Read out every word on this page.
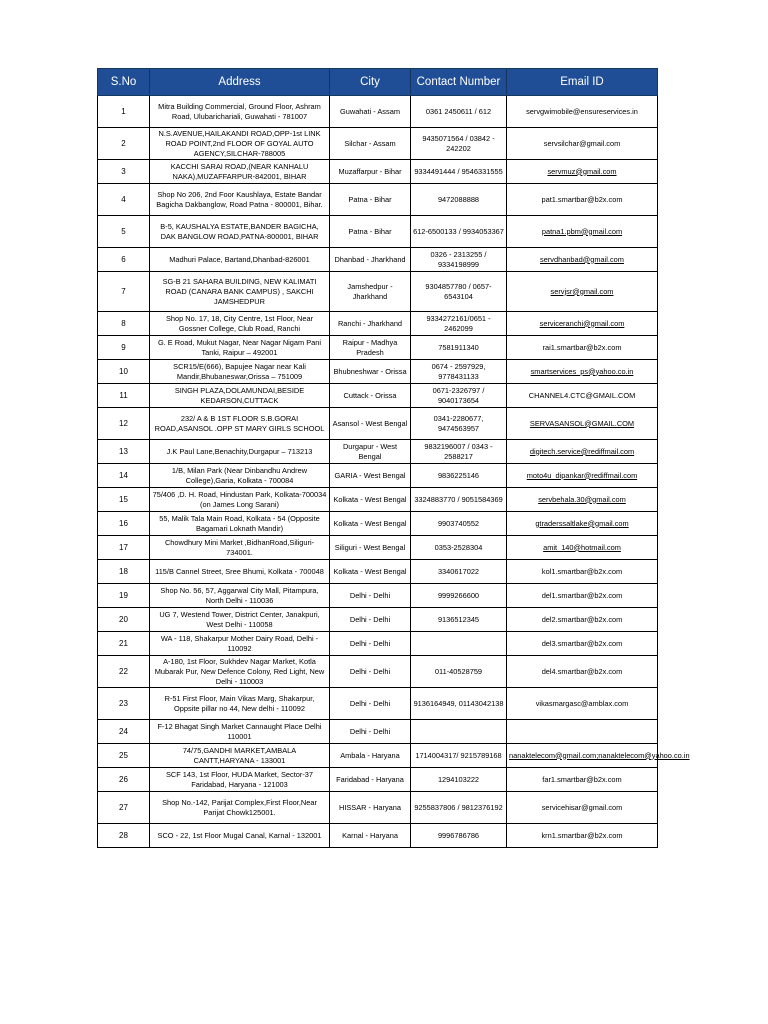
S.No	Address	City	Contact Number	Email ID
1	Mitra Building Commercial, Ground Floor, Ashram Road, Ulubarichariali, Guwahati - 781007	Guwahati - Assam	0361 2450611 / 612	servgwimobile@ensureservices.in
2	N.S.AVENUE,HAILAKANDI ROAD,OPP-1st LINK ROAD POINT,2nd FLOOR OF GOYAL AUTO AGENCY,SILCHAR-788005	Silchar - Assam	9435071564 / 03842 - 242202	servsilchar@gmail.com
3	KACCHI SARAI ROAD,(NEAR KANHALU NAKA),MUZAFFARPUR-842001, BIHAR	Muzaffarpur - Bihar	9334491444 / 9546331555	servmuz@gmail.com
4	Shop No 206, 2nd Foor Kaushlaya, Estate Bandar Bagicha Dakbanglow, Road Patna - 800001, Bihar.	Patna - Bihar	9472088888	pat1.smartbar@b2x.com
5	B-5, KAUSHALYA ESTATE,BANDER BAGICHA, DAK BANGLOW ROAD,PATNA-800001, BIHAR	Patna - Bihar	612-6500133 / 9934053367	patna1.pbm@gmail.com
6	Madhuri Palace, Bartand,Dhanbad-826001	Dhanbad - Jharkhand	0326 - 2313255 / 9334198999	servdhanbad@gmail.com
7	SG-B 21 SAHARA BUILDING, NEW KALIMATI ROAD (CANARA BANK CAMPUS) , SAKCHI JAMSHEDPUR	Jamshedpur - Jharkhand	9304857780 / 0657-6543104	servjsr@gmail.com
8	Shop No. 17, 18, City Centre, 1st Floor, Near Gossner College, Club Road, Ranchi	Ranchi - Jharkhand	9334272161/0651 - 2462099	serviceranchi@gmail.com
9	G. E Road, Mukut Nagar, Near Nagar Nigam Pani Tanki, Raipur – 492001	Raipur - Madhya Pradesh	7581911340	rai1.smartbar@b2x.com
10	SCR15/E(666), Bapujee Nagar near Kali Mandir,Bhubaneswar,Orissa – 751009	Bhubneshwar - Orissa	0674 - 2597929, 9778431133	smartservices_ps@yahoo.co.in
11	SINGH PLAZA,DOLAMUNDAI,BESIDE KEDARSON,CUTTACK	Cuttack - Orissa	0671-2326797 / 9040173654	CHANNEL4.CTC@GMAIL.COM
12	232/ A & B 1ST FLOOR S.B.GORAI ROAD,ASANSOL .OPP ST MARY GIRLS SCHOOL	Asansol - West Bengal	0341-2280677, 9474563957	SERVASANSOL@GMAIL.COM
13	J.K Paul Lane,Benachity,Durgapur – 713213	Durgapur - West Bengal	9832196007 / 0343 - 2588217	digitech.service@rediffmail.com
14	1/B, Milan Park (Near Dinbandhu Andrew College),Garia, Kolkata - 700084	GARIA - West Bengal	9836225146	moto4u_dipankar@rediffmail.com
15	75/406 ,D. H. Road, Hindustan Park, Kolkata-700034 (on James Long Sarani)	Kolkata - West Bengal	3324883770 / 9051584369	servbehala.30@gmail.com
16	55, Malik Tala Main Road, Kolkata - 54 (Opposite Bagamari Loknath Mandir)	Kolkata - West Bengal	9903740552	gtraderssaltlake@gmail.com
17	Chowdhury Mini Market ,BidhanRoad,Siliguri-734001.	Siliguri - West Bengal	0353-2528304	amit_140@hotmail.com
18	115/B Cannel Street, Sree Bhumi, Kolkata - 700048	Kolkata - West Bengal	3340617022	kol1.smartbar@b2x.com
19	Shop No. 56, 57, Aggarwal City Mall, Pitampura, North Delhi - 110036	Delhi - Delhi	9999266600	del1.smartbar@b2x.com
20	UG 7, Westend Tower, District Center, Janakpuri, West Delhi - 110058	Delhi - Delhi	9136512345	del2.smartbar@b2x.com
21	WA - 118, Shakarpur Mother Dairy Road, Delhi - 110092	Delhi - Delhi		del3.smartbar@b2x.com
22	A-180, 1st Floor, Sukhdev Nagar Market, Kotla Mubarak Pur, New Defence Colony, Red Light, New Delhi - 110003	Delhi - Delhi	011-40528759	del4.smartbar@b2x.com
23	R-51 First Floor, Main Vikas Marg, Shakarpur, Oppsite pillar no 44, New delhi - 110092	Delhi - Delhi	9136164949, 01143042138	vikasmargasc@amblax.com
24	F-12 Bhagat Singh Market Cannaught Place Delhi 110001	Delhi - Delhi		
25	74/75,GANDHI MARKET,AMBALA CANTT,HARYANA - 133001	Ambala - Haryana	1714004317/ 9215789168	nanaktelecom@gmail.com;nanaktelecom@yahoo.co.in
26	SCF 143, 1st Floor, HUDA Market, Sector-37 Faridabad, Haryana - 121003	Faridabad - Haryana	1294103222	far1.smartbar@b2x.com
27	Shop No.-142, Parijat Complex,First Floor,Near Parijat Chowk125001.	HISSAR - Haryana	9255837806 / 9812376192	servicehisar@gmail.com
28	SCO - 22, 1st Floor Mugal Canal, Karnal - 132001	Karnal - Haryana	9996786786	krn1.smartbar@b2x.com
